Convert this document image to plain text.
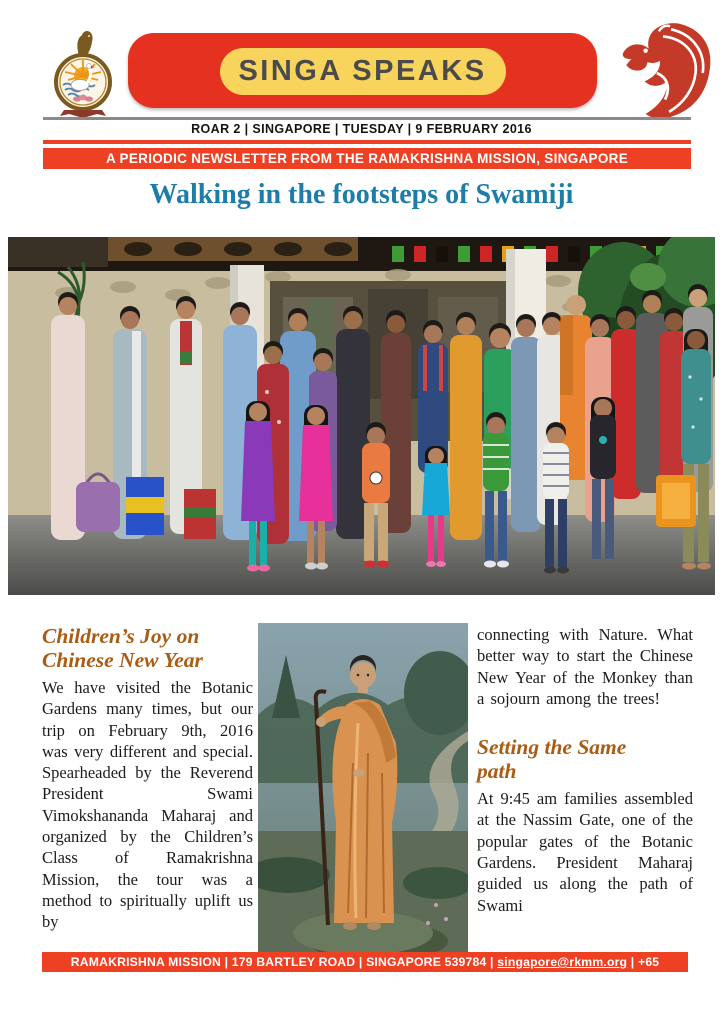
SINGA SPEAKS
ROAR 2 | SINGAPORE | TUESDAY | 9 FEBRUARY 2016
A PERIODIC NEWSLETTER FROM THE RAMAKRISHNA MISSION, SINGAPORE
Walking in the footsteps of Swamiji
Children’s Joy on Chinese New Year

We have visited the Botanic Gardens many times, but our trip on February 9th, 2016 was very different and special. Spearheaded by the Reverend President Swami Vimokshananda Maharaj and organized by the Children’s Class of Ramakrishna Mission, the tour was a method to spiritually uplift us by

connecting with Nature. What better way to start the Chinese New Year of the Monkey than a sojourn among the trees!

Setting the Same path

At 9:45 am families assembled at the Nassim Gate, one of the popular gates of the Botanic Gardens. President Maharaj guided us along the path of Swami

RAMAKRISHNA MISSION | 179 BARTLEY ROAD | SINGAPORE 539784 | singapore@rkmm.org | +65 62889077
